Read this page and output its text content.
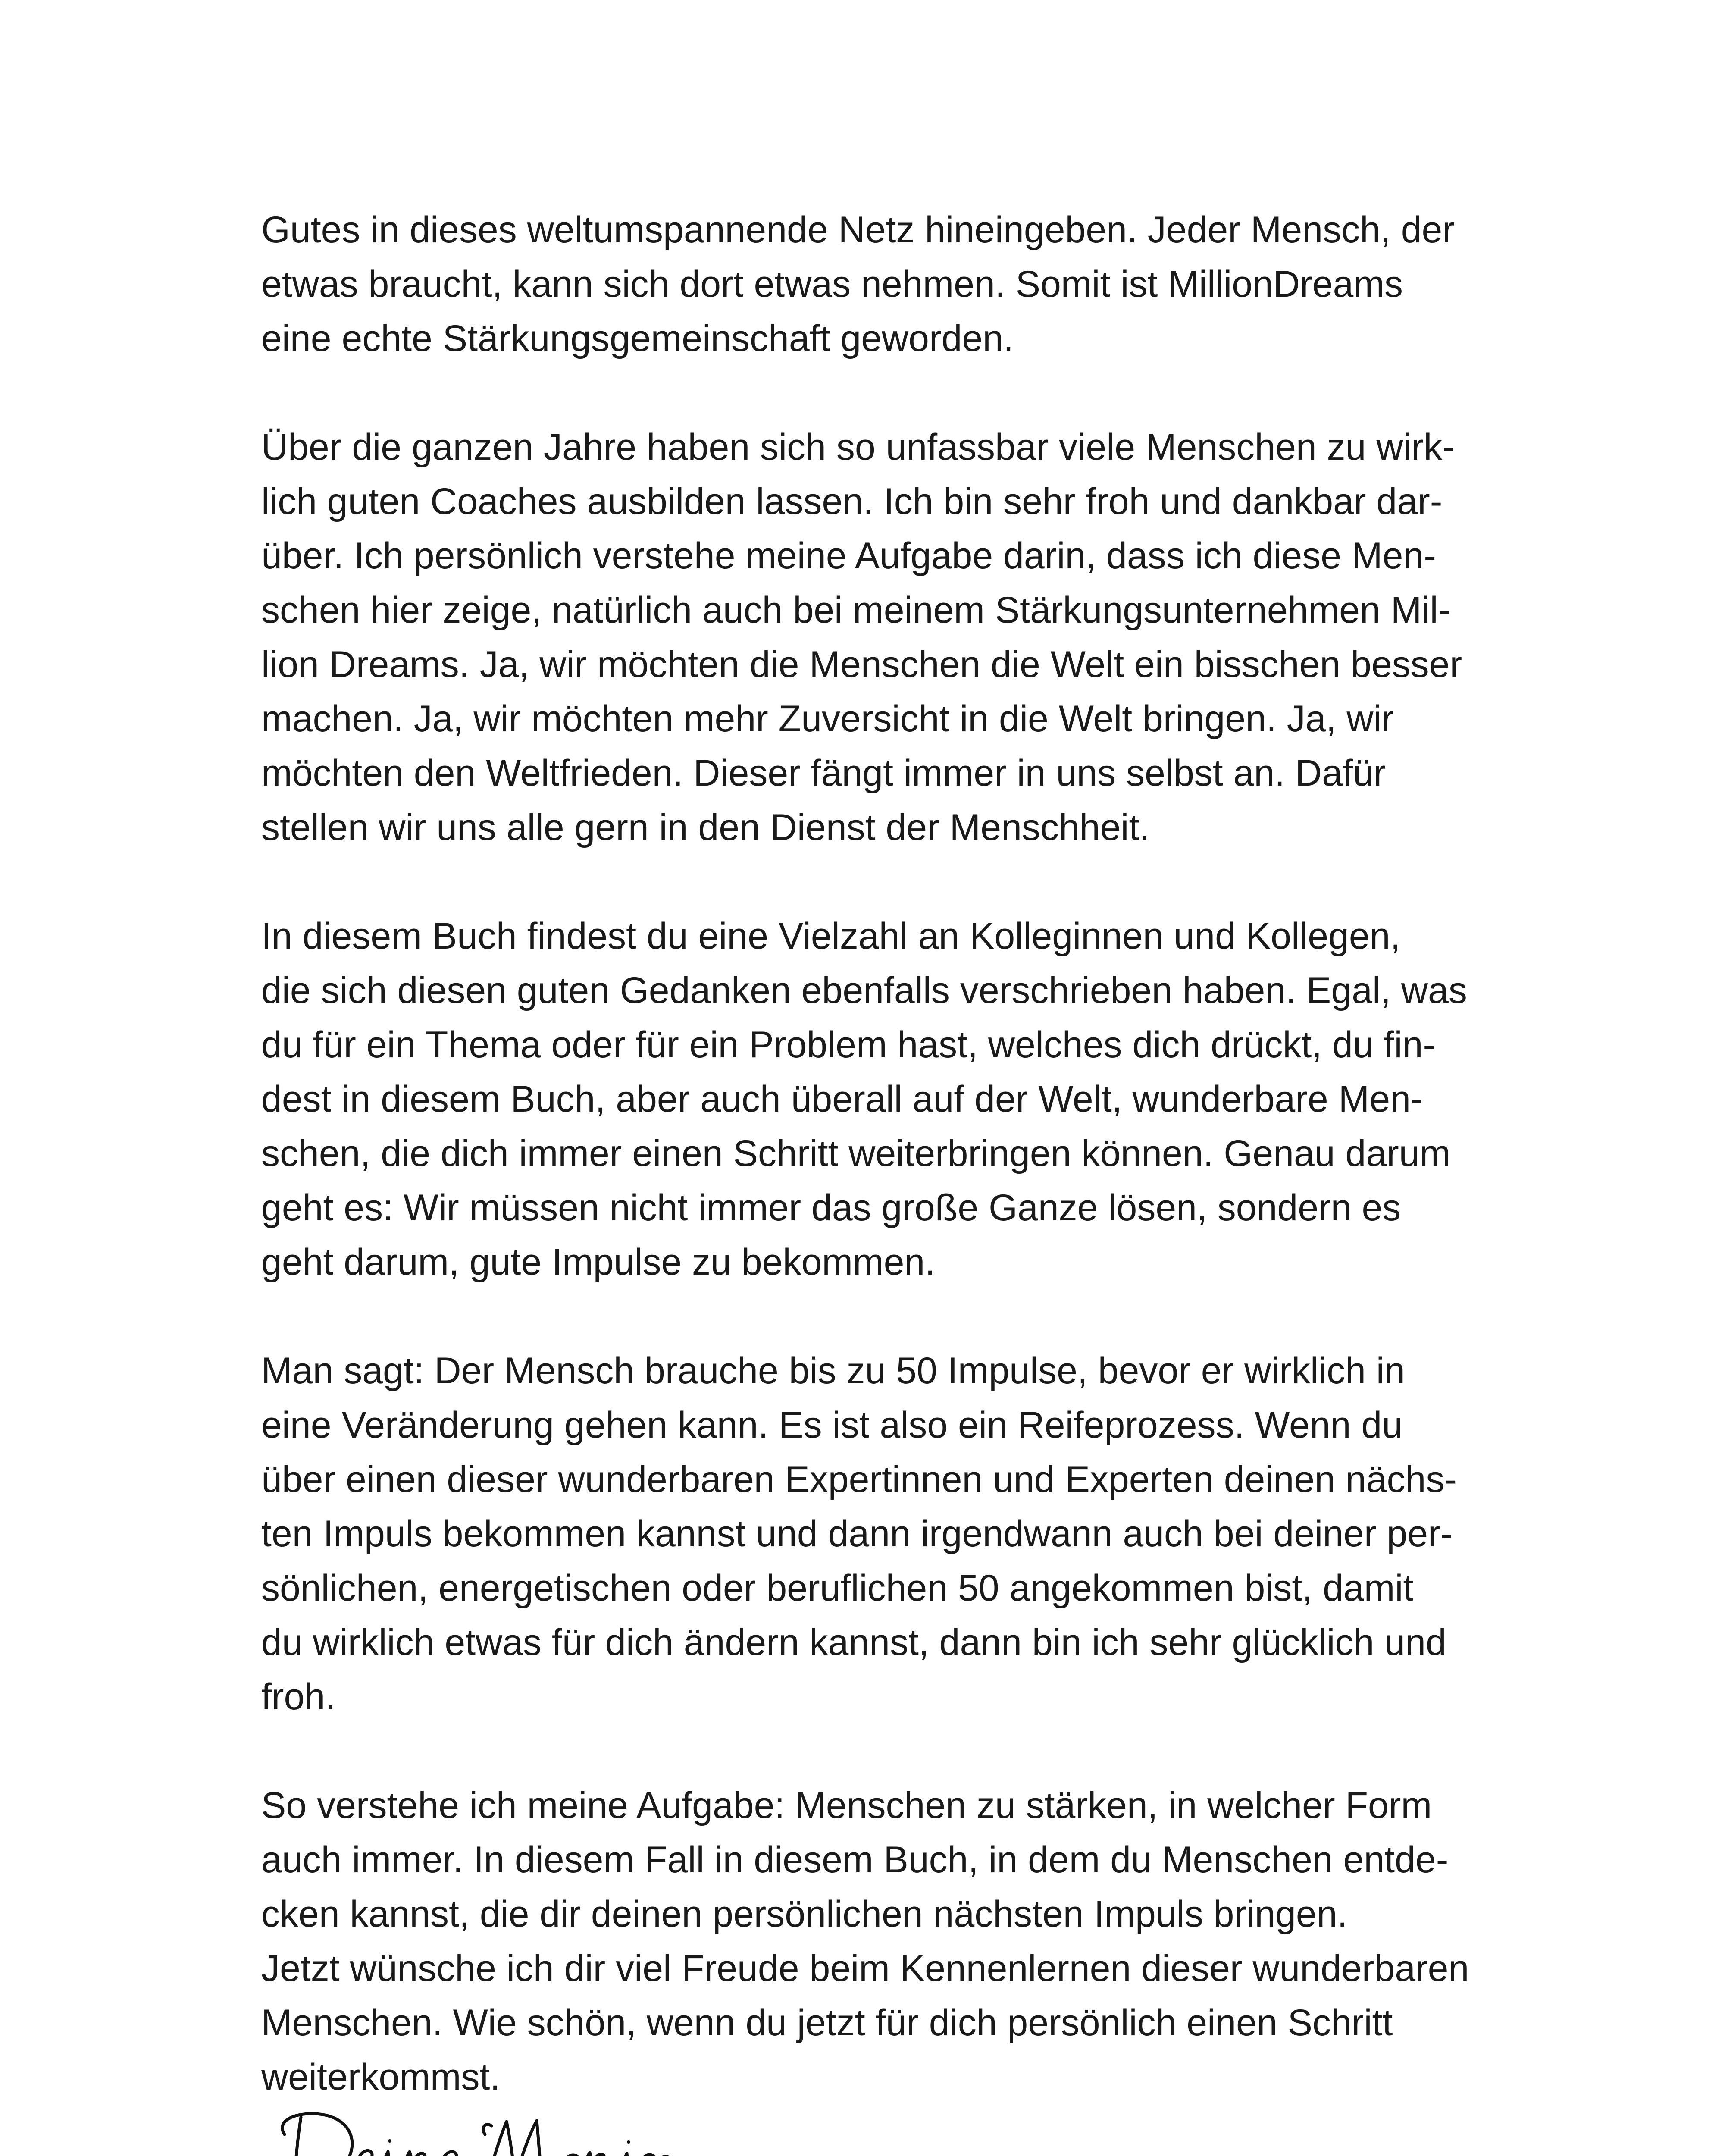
Gutes in dieses weltumspannende Netz hineingeben. Jeder Mensch, der
etwas braucht, kann sich dort etwas nehmen. Somit ist MillionDreams
eine echte Stärkungsgemeinschaft geworden.

Über die ganzen Jahre haben sich so unfassbar viele Menschen zu wirk-
lich guten Coaches ausbilden lassen. Ich bin sehr froh und dankbar dar-
über. Ich persönlich verstehe meine Aufgabe darin, dass ich diese Men-
schen hier zeige, natürlich auch bei meinem Stärkungsunternehmen Mil-
lion Dreams. Ja, wir möchten die Menschen die Welt ein bisschen besser
machen. Ja, wir möchten mehr Zuversicht in die Welt bringen. Ja, wir
möchten den Weltfrieden. Dieser fängt immer in uns selbst an. Dafür
stellen wir uns alle gern in den Dienst der Menschheit.

In diesem Buch findest du eine Vielzahl an Kolleginnen und Kollegen,
die sich diesen guten Gedanken ebenfalls verschrieben haben. Egal, was
du für ein Thema oder für ein Problem hast, welches dich drückt, du fin-
dest in diesem Buch, aber auch überall auf der Welt, wunderbare Men-
schen, die dich immer einen Schritt weiterbringen können. Genau darum
geht es: Wir müssen nicht immer das große Ganze lösen, sondern es
geht darum, gute Impulse zu bekommen.

Man sagt: Der Mensch brauche bis zu 50 Impulse, bevor er wirklich in
eine Veränderung gehen kann. Es ist also ein Reifeprozess. Wenn du
über einen dieser wunderbaren Expertinnen und Experten deinen nächs-
ten Impuls bekommen kannst und dann irgendwann auch bei deiner per-
sönlichen, energetischen oder beruflichen 50 angekommen bist, damit
du wirklich etwas für dich ändern kannst, dann bin ich sehr glücklich und
froh.

So verstehe ich meine Aufgabe: Menschen zu stärken, in welcher Form
auch immer. In diesem Fall in diesem Buch, in dem du Menschen entde-
cken kannst, die dir deinen persönlichen nächsten Impuls bringen.
Jetzt wünsche ich dir viel Freude beim Kennenlernen dieser wunderbaren
Menschen. Wie schön, wenn du jetzt für dich persönlich einen Schritt
weiterkommst.
